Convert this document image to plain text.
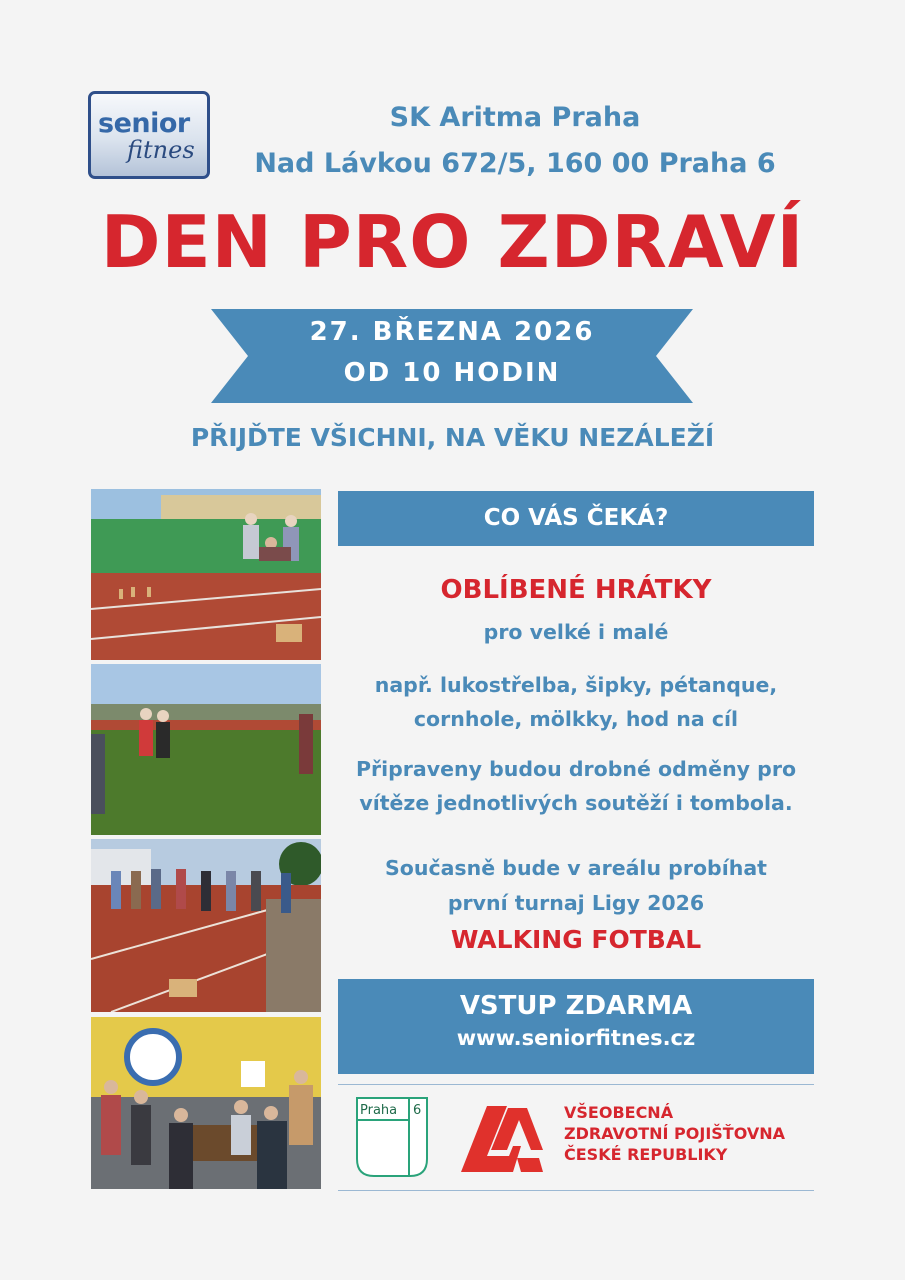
senior
fitnes
SK Aritma Praha
Nad Lávkou 672/5, 160 00 Praha 6
DEN PRO ZDRAVÍ
27. BŘEZNA 2026
OD 10 HODIN
PŘIJĎTE VŠICHNI, NA VĚKU NEZÁLEŽÍ
CO VÁS ČEKÁ?
OBLÍBENÉ HRÁTKY
pro velké i malé
např. lukostřelba, šipky, pétanque,
cornhole, mölkky, hod na cíl
Připraveny budou drobné odměny pro
vítěze jednotlivých soutěží i tombola.
Současně bude v areálu probíhat
první turnaj Ligy 2026
WALKING FOTBAL
VSTUP ZDARMA
www.seniorfitnes.cz
Praha 6	VŠEOBECNÁ
ZDRAVOTNÍ POJIŠŤOVNA
ČESKÉ REPUBLIKY
